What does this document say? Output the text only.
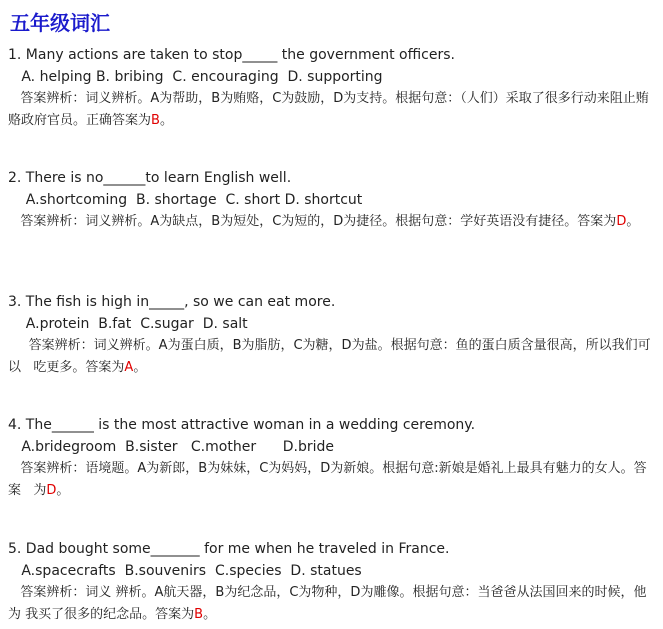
五年级词汇
1. Many actions are taken to stop_____ the government officers.
A. helping B. bribing  C. encouraging  D. supporting
答案辨析：词义辨析。A为帮助，B为贿赂，C为鼓励，D为支持。根据句意：（人们）采取了很多行动来阻止贿赂政府官员。正确答案为B。
2. There is no______to learn English well.
A.shortcoming  B. shortage  C. short D. shortcut
答案辨析：词义辨析。A为缺点，B为短处，C为短的，D为捷径。根据句意：学好英语没有捷径。答案为D。
3. The fish is high in_____, so we can eat more.
A.protein  B.fat  C.sugar  D. salt
答案辨析：词义辨析。A为蛋白质，B为脂肪，C为糖，D为盐。根据句意：鱼的蛋白质含量很高，所以我们可以   吃更多。答案为A。
4. The______ is the most attractive woman in a wedding ceremony.
A.bridegroom  B.sister   C.mother      D.bride
答案辨析：语境题。A为新郎，B为妹妹，C为妈妈，D为新娘。根据句意:新娘是婚礼上最具有魅力的女人。答案   为D。
5. Dad bought some_______ for me when he traveled in France.
A.spacecrafts  B.souvenirs  C.species  D. statues
答案辨析：词义 辨析。A航天器，B为纪念品，C为物种，D为雕像。根据句意：当爸爸从法国回来的时候，他为 我买了很多的纪念品。答案为B。
